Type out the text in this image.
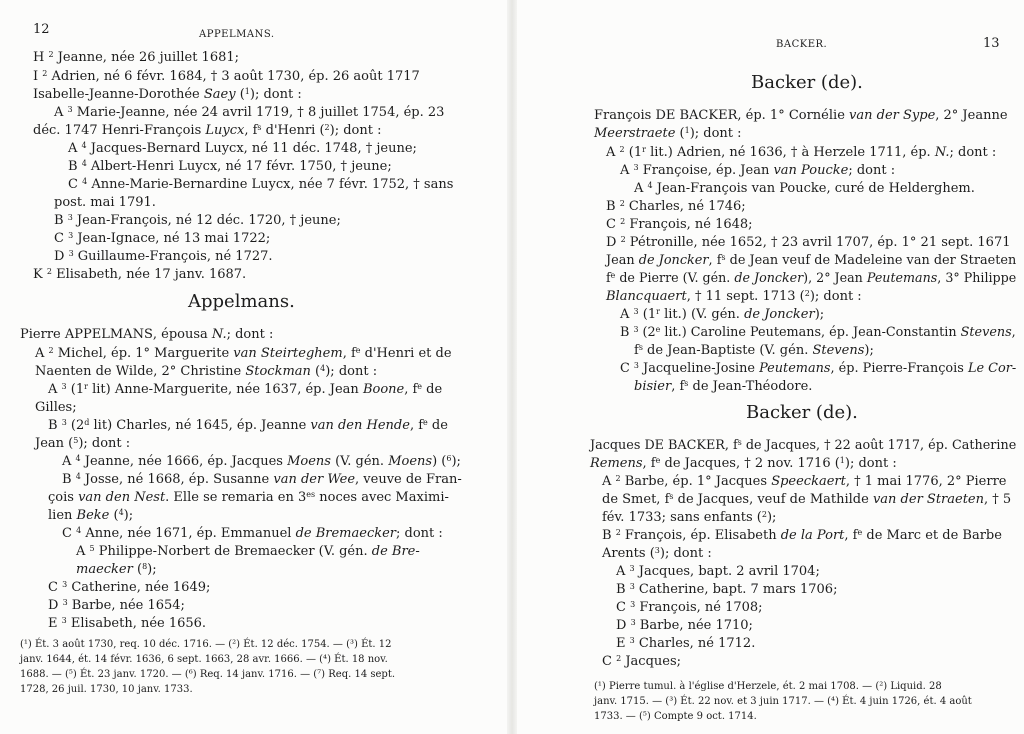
12	APPELMANS.
H $^2$ Jeanne, née 26 juillet 1681;
I $^2$ Adrien, né 6 févr. 1684, † 3 août 1730, ép. 26 août 1717
Isabelle-Jeanne-Dorothée Saey ($^1$); dont :
A $^3$ Marie-Jeanne, née 24 avril 1719, † 8 juillet 1754, ép. 23
déc. 1747 Henri-François Luycx, $f^s$ d'Henri ($^2$); dont :
A $^4$ Jacques-Bernard Luycx, né 11 déc. 1748, † jeune;
B $^4$ Albert-Henri Luycx, né 17 févr. 1750, † jeune;
C $^4$ Anne-Marie-Bernardine Luycx, née 7 févr. 1752, † sans
post. mai 1791.
B $^3$ Jean-François, né 12 déc. 1720, † jeune;
C $^3$ Jean-Ignace, né 13 mai 1722;
D $^3$ Guillaume-François, né 1727.
K $^2$ Elisabeth, née 17 janv. 1687.
Appelmans.
Pierre APPELMANS, épousa N.; dont :
A $^2$ Michel, ép. 1° Marguerite van Steirteghem, $f^e$ d'Henri et de
Naenten de Wilde, 2° Christine Stockman ($^4$); dont :
A $^3$ (1$^r$ lit) Anne-Marguerite, née 1637, ép. Jean Boone, $f^e$ de
Gilles;
B $^3$ (2$^d$ lit) Charles, né 1645, ép. Jeanne van den Hende, $f^e$ de
Jean ($^5$); dont :
A $^4$ Jeanne, née 1666, ép. Jacques Moens (V. gén. Moens) ($^6$);
B $^4$ Josse, né 1668, ép. Susanne van der Wee, veuve de Fran-
çois van den Nest. Elle se remaria en $3^{es}$ noces avec Maximi-
lien Beke ($^4$);
C $^4$ Anne, née 1671, ép. Emmanuel de Bremaecker; dont :
A $^5$ Philippe-Norbert de Bremaecker (V. gén. de Bre-
maecker ($^8$);
C $^3$ Catherine, née 1649;
D $^3$ Barbe, née 1654;
E $^3$ Elisabeth, née 1656.
(¹) Ét. 3 août 1730, req. 10 déc. 1716. — (²) Ét. 12 déc. 1754. — (³) Ét. 12
janv. 1644, ét. 14 févr. 1636, 6 sept. 1663, 28 avr. 1666. — (⁴) Ét. 18 nov.
1688. — (⁵) Ét. 23 janv. 1720. — (⁶) Req. 14 janv. 1716. — (⁷) Req. 14 sept.
1728, 26 juil. 1730, 10 janv. 1733.
BACKER.	13
Backer (de).
François DE BACKER, ép. 1° Cornélie van der Sype, 2° Jeanne
Meerstraete ($^1$); dont :
A $^2$ (1$^r$ lit.) Adrien, né 1636, † à Herzele 1711, ép. N.; dont :
A $^3$ Françoise, ép. Jean van Poucke; dont :
A $^4$ Jean-François van Poucke, curé de Helderghem.
B $^2$ Charles, né 1746;
C $^2$ François, né 1648;
D $^2$ Pétronille, née 1652, † 23 avril 1707, ép. 1° 21 sept. 1671
Jean de Joncker, $f^s$ de Jean veuf de Madeleine van der Straeten
$f^e$ de Pierre (V. gén. de Joncker), 2° Jean Peutemans, 3° Philippe
Blancquaert, † 11 sept. 1713 ($^2$); dont :
A $^3$ (1$^r$ lit.) (V. gén. de Joncker);
B $^3$ (2e lit.) Caroline Peutemans, ép. Jean-Constantin Stevens,
$f^s$ de Jean-Baptiste (V. gén. Stevens);
C $^3$ Jacqueline-Josine Peutemans, ép. Pierre-François Le Cor-
bisier, $f^s$ de Jean-Théodore.
Backer (de).
Jacques DE BACKER, $f^s$ de Jacques, † 22 août 1717, ép. Catherine
Remens, $f^e$ de Jacques, † 2 nov. 1716 ($^1$); dont :
A $^2$ Barbe, ép. 1° Jacques Speeckaert, † 1 mai 1776, 2° Pierre
de Smet, $f^s$ de Jacques, veuf de Mathilde van der Straeten, † 5
fév. 1733; sans enfants ($^2$);
B $^2$ François, ép. Elisabeth de la Port, $f^e$ de Marc et de Barbe
Arents ($^3$); dont :
A $^3$ Jacques, bapt. 2 avril 1704;
B $^3$ Catherine, bapt. 7 mars 1706;
C $^3$ François, né 1708;
D $^3$ Barbe, née 1710;
E $^3$ Charles, né 1712.
C $^2$ Jacques;
(¹) Pierre tumul. à l'église d'Herzele, ét. 2 mai 1708. — (²) Liquid. 28
janv. 1715. — (³) Ét. 22 nov. et 3 juin 1717. — (⁴) Ét. 4 juin 1726, ét. 4 août
1733. — (⁵) Compte 9 oct. 1714.
